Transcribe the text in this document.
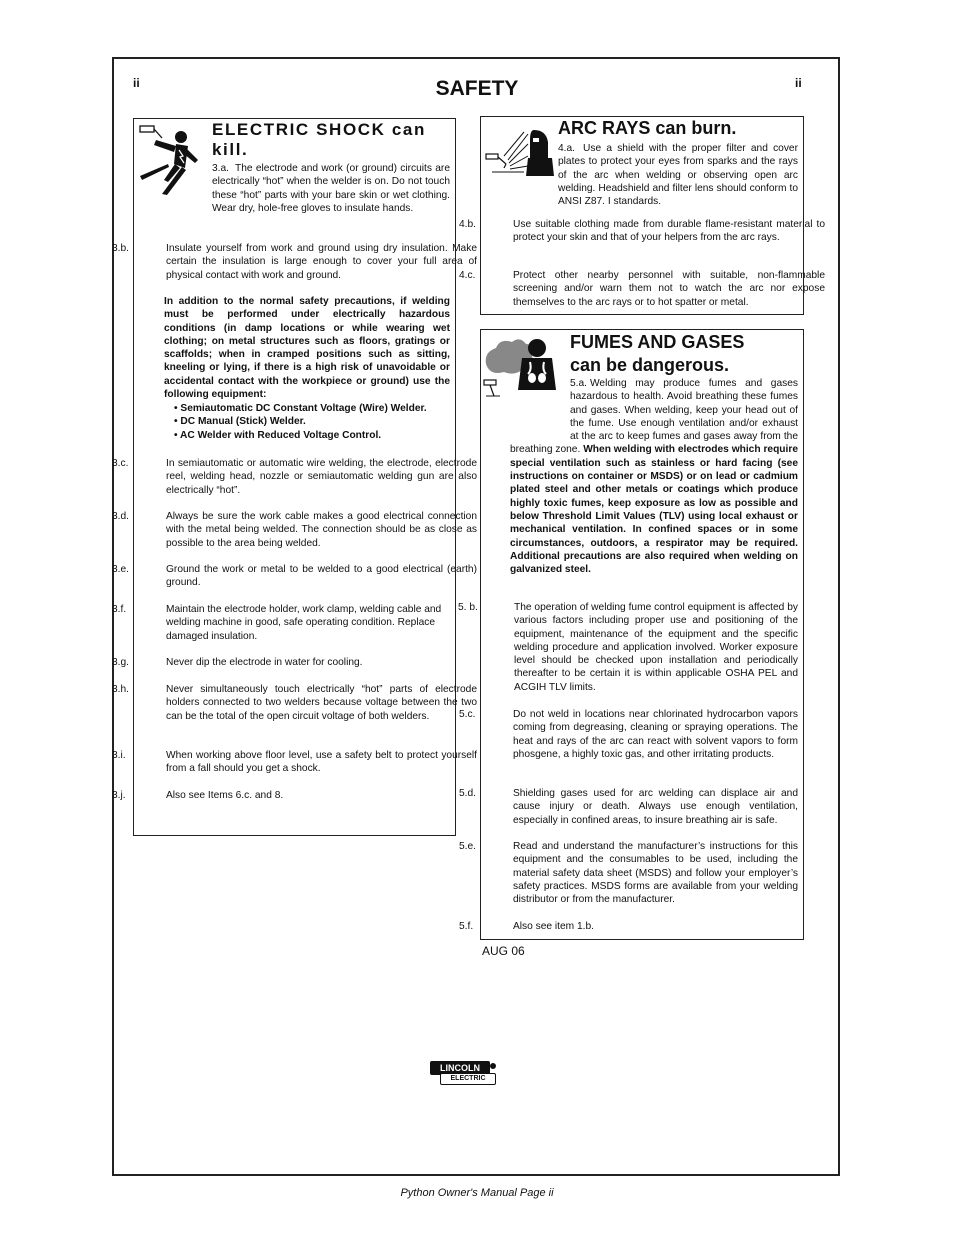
ii	ii
SAFETY
ELECTRIC SHOCK can kill.
3.a. The electrode and work (or ground) circuits are electrically “hot” when the welder is on. Do not touch these “hot” parts with your bare skin or wet clothing. Wear dry, hole-free gloves to insulate hands.
3.b.	Insulate yourself from work and ground using dry insulation. Make certain the insulation is large enough to cover your full area of physical contact with work and ground.
In addition to the normal safety precautions, if welding must be performed under electrically hazardous conditions (in damp locations or while wearing wet clothing; on metal structures such as floors, gratings or scaffolds; when in cramped positions such as sitting, kneeling or lying, if there is a high risk of unavoidable or accidental contact with the workpiece or ground) use the following equipment:
• Semiautomatic DC Constant Voltage (Wire) Welder.
• DC Manual (Stick) Welder.
• AC Welder with Reduced Voltage Control.
3.c.	In semiautomatic or automatic wire welding, the electrode, electrode reel, welding head, nozzle or semiautomatic welding gun are also electrically “hot”.
3.d.	Always be sure the work cable makes a good electrical connection with the metal being welded. The connection should be as close as possible to the area being welded.
3.e.	Ground the work or metal to be welded to a good electrical (earth) ground.
3.f.	Maintain the electrode holder, work clamp, welding cable and welding machine in good, safe operating condition. Replace damaged insulation.
3.g.	Never dip the electrode in water for cooling.
3.h.	Never simultaneously touch electrically “hot” parts of electrode holders connected to two welders because voltage between the two can be the total of the open circuit voltage of both welders.
3.i.	When working above floor level, use a safety belt to protect yourself from a fall should you get a shock.
3.j.	Also see Items 6.c. and 8.
ARC RAYS can burn.
4.a. Use a shield with the proper filter and cover plates to protect your eyes from sparks and the rays of the arc when welding or observing open arc welding. Headshield and filter lens should conform to ANSI Z87. I standards.
4.b.	Use suitable clothing made from durable flame-resistant material to protect your skin and that of your helpers from the arc rays.
4.c.	Protect other nearby personnel with suitable, non-flammable screening and/or warn them not to watch the arc nor expose themselves to the arc rays or to hot spatter or metal.
FUMES AND GASES
can be dangerous.
5.a. Welding may produce fumes and gases hazardous to health. Avoid breathing these fumes and gases. When welding, keep your head out of the fume. Use enough ventilation and/or exhaust at the arc to keep fumes and gases away from the breathing zone. When welding with electrodes which require special ventilation such as stainless or hard facing (see instructions on container or MSDS) or on lead or cadmium plated steel and other metals or coatings which produce highly toxic fumes, keep exposure as low as possible and below Threshold Limit Values (TLV) using local exhaust or mechanical ventilation. In confined spaces or in some circumstances, outdoors, a respirator may be required. Additional precautions are also required when welding on galvanized steel.
5. b.	The operation of welding fume control equipment is affected by various factors including proper use and positioning of the equipment, maintenance of the equipment and the specific welding procedure and application involved. Worker exposure level should be checked upon installation and periodically thereafter to be certain it is within applicable OSHA PEL and ACGIH TLV limits.
5.c.	Do not weld in locations near chlorinated hydrocarbon vapors coming from degreasing, cleaning or spraying operations. The heat and rays of the arc can react with solvent vapors to form phosgene, a highly toxic gas, and other irritating products.
5.d.	Shielding gases used for arc welding can displace air and cause injury or death. Always use enough ventilation, especially in confined areas, to insure breathing air is safe.
5.e.	Read and understand the manufacturer’s instructions for this equipment and the consumables to be used, including the material safety data sheet (MSDS) and follow your employer’s safety practices. MSDS forms are available from your welding distributor or from the manufacturer.
5.f.	Also see item 1.b.
AUG 06
LINCOLN
ELECTRIC
Python Owner's Manual Page ii
